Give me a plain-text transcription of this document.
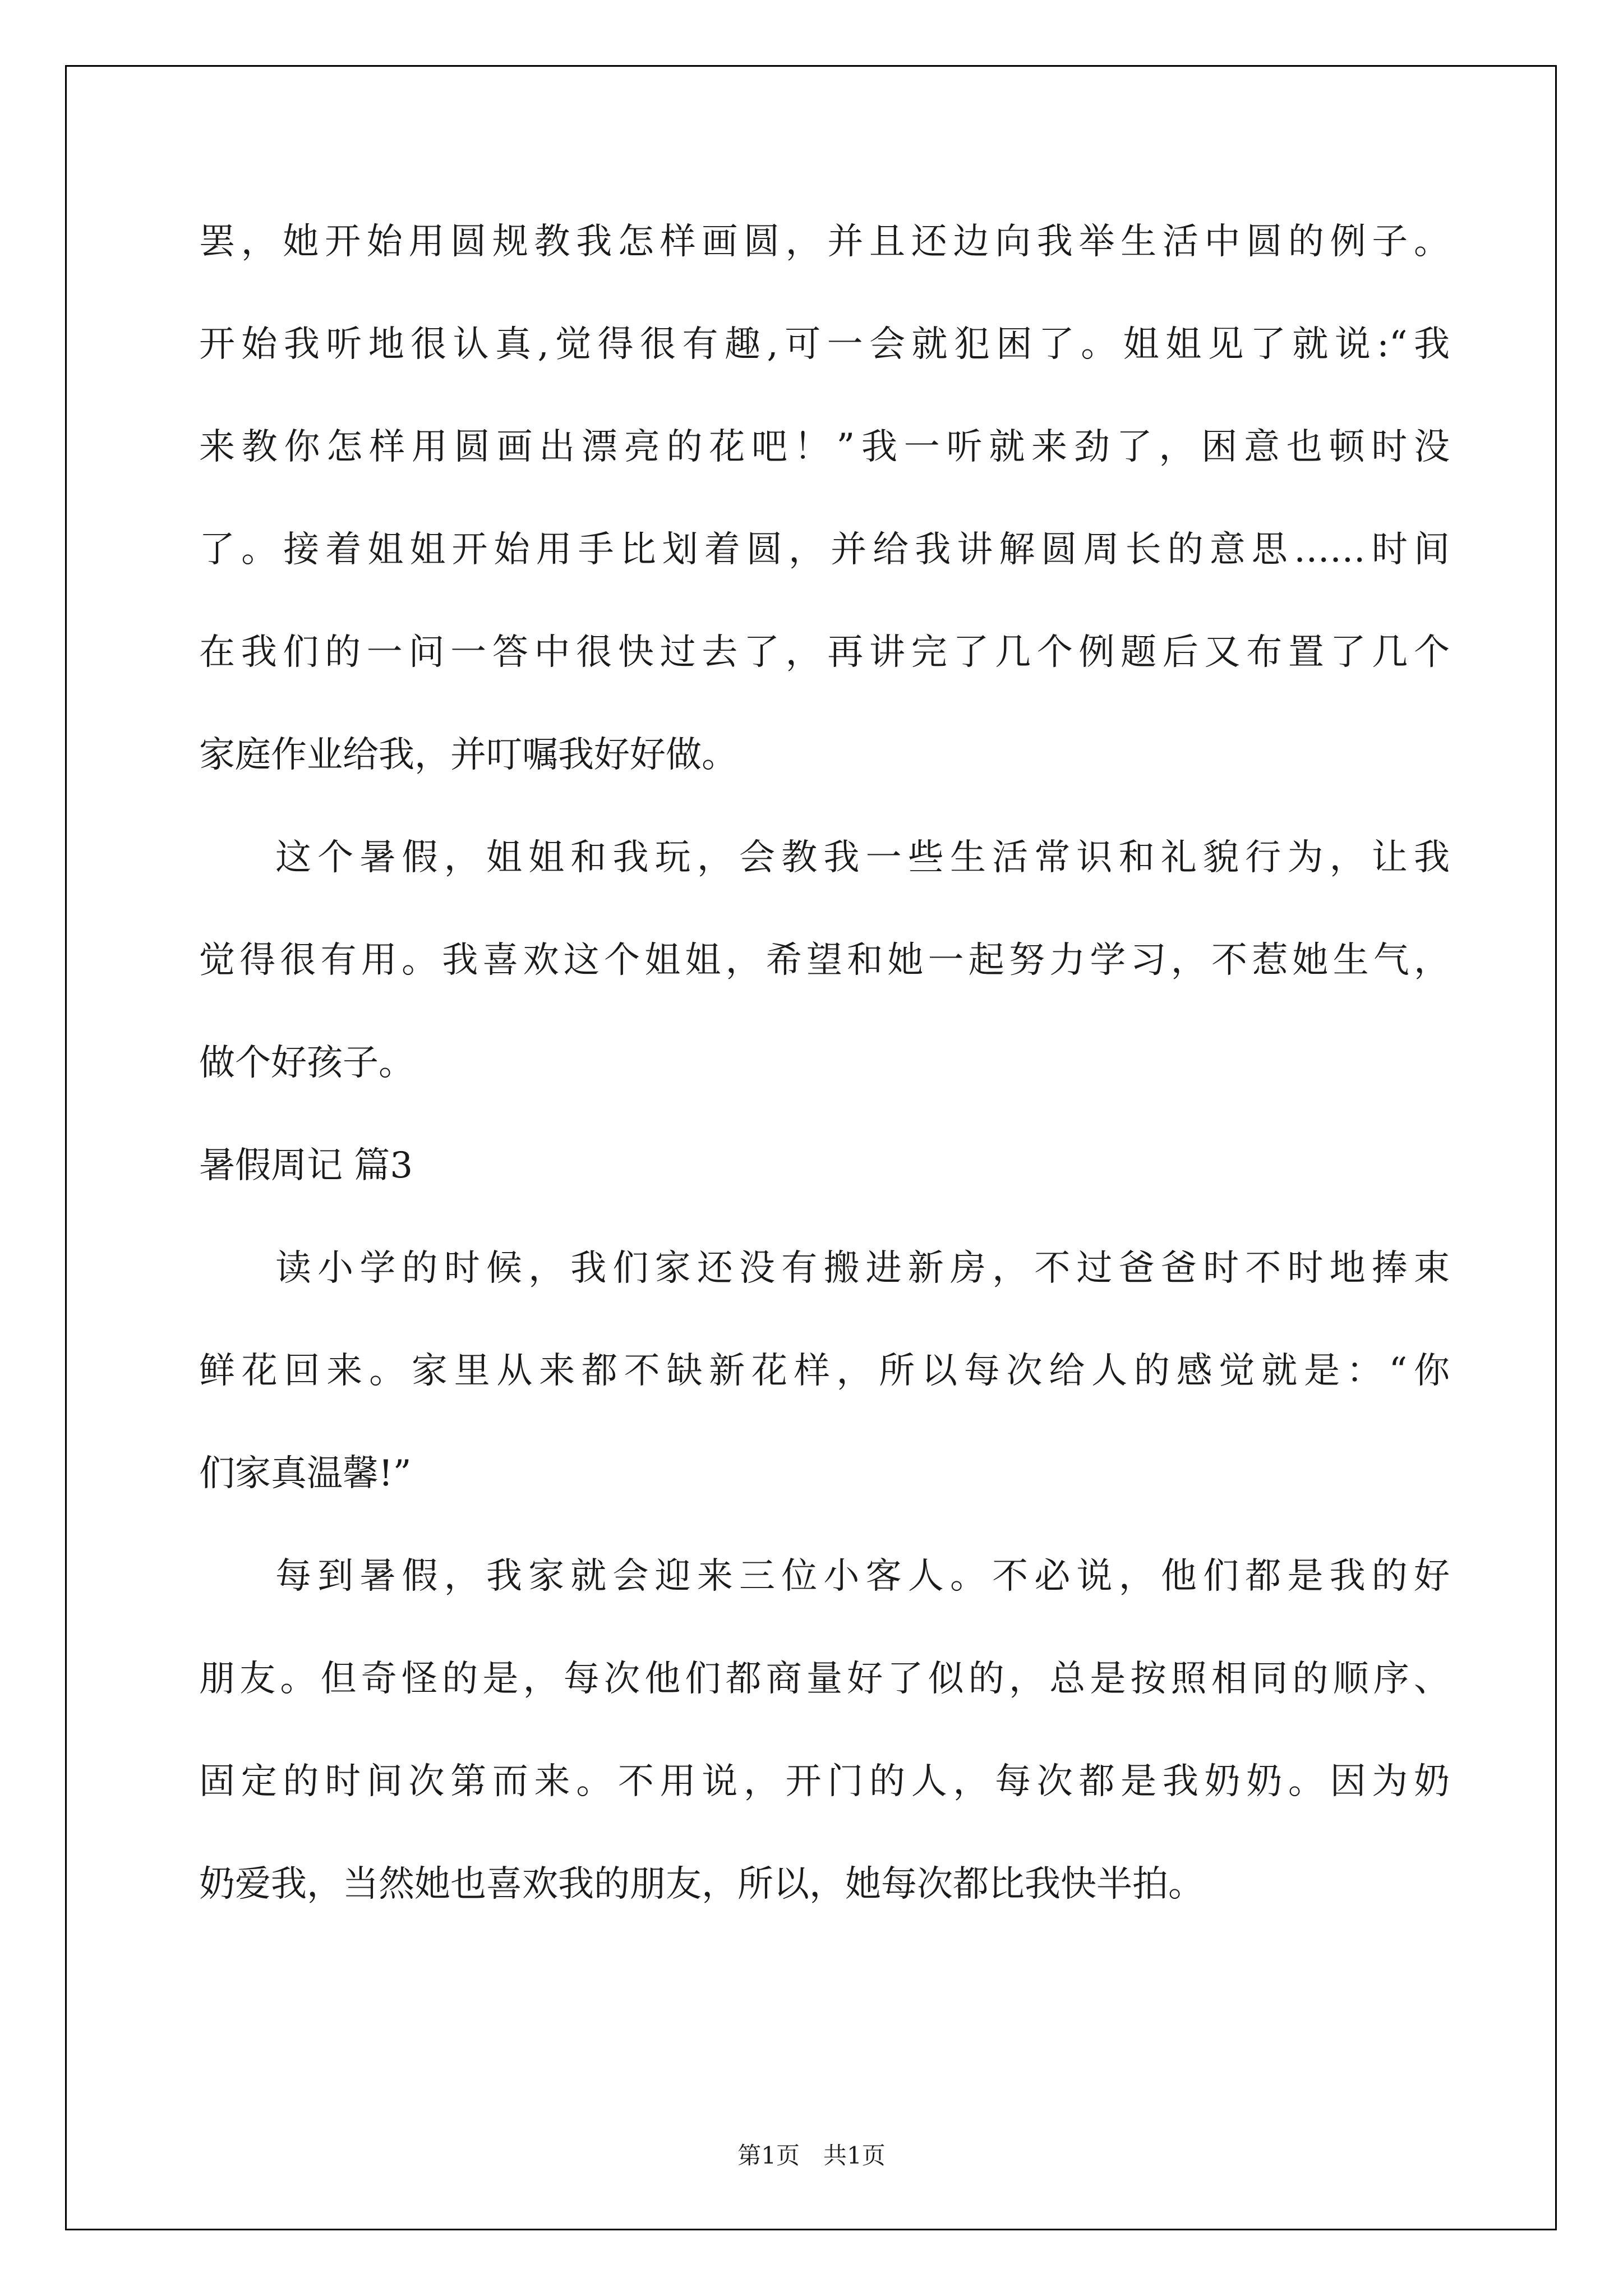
罢，她开始用圆规教我怎样画圆，并且还边向我举生活中圆的例子。
开始我听地很认真,觉得很有趣,可一会就犯困了。姐姐见了就说:“我
来教你怎样用圆画出漂亮的花吧！”我一听就来劲了，困意也顿时没
了。接着姐姐开始用手比划着圆，并给我讲解圆周长的意思……时间
在我们的一问一答中很快过去了，再讲完了几个例题后又布置了几个
家庭作业给我，并叮嘱我好好做。
这个暑假，姐姐和我玩，会教我一些生活常识和礼貌行为，让我
觉得很有用。我喜欢这个姐姐，希望和她一起努力学习，不惹她生气，
做个好孩子。
暑假周记 篇3
读小学的时候，我们家还没有搬进新房，不过爸爸时不时地捧束
鲜花回来。家里从来都不缺新花样，所以每次给人的感觉就是：“你
们家真温馨!”
每到暑假，我家就会迎来三位小客人。不必说，他们都是我的好
朋友。但奇怪的是，每次他们都商量好了似的，总是按照相同的顺序、
固定的时间次第而来。不用说，开门的人，每次都是我奶奶。因为奶
奶爱我，当然她也喜欢我的朋友，所以，她每次都比我快半拍。
第1页　共1页
